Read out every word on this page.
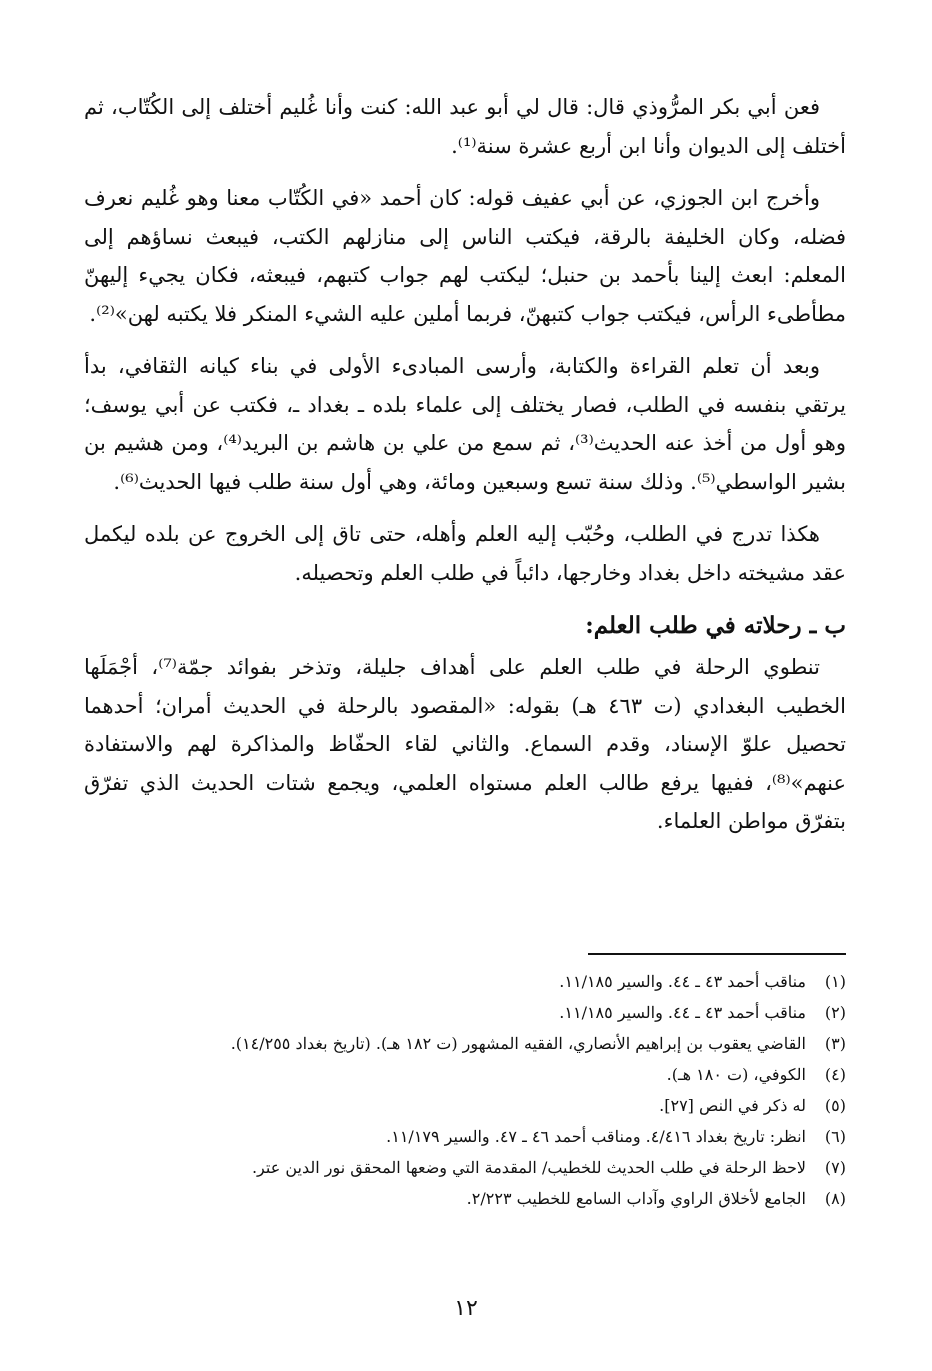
فعن أبي بكر المرُّوذي قال: قال لي أبو عبد الله: كنت وأنا غُليم أختلف إلى الكُتّاب، ثم أختلف إلى الديوان وأنا ابن أربع عشرة سنة⁽¹⁾.

وأخرج ابن الجوزي، عن أبي عفيف قوله: كان أحمد «في الكُتّاب معنا وهو غُليم نعرف فضله، وكان الخليفة بالرقة، فيكتب الناس إلى منازلهم الكتب، فيبعث نساؤهم إلى المعلم: ابعث إلينا بأحمد بن حنبل؛ ليكتب لهم جواب كتبهم، فيبعثه، فكان يجيء إليهنّ مطأطىء الرأس، فيكتب جواب كتبهنّ، فربما أملين عليه الشيء المنكر فلا يكتبه لهن»⁽²⁾.

وبعد أن تعلم القراءة والكتابة، وأرسى المبادىء الأولى في بناء كيانه الثقافي، بدأ يرتقي بنفسه في الطلب، فصار يختلف إلى علماء بلده ـ بغداد ـ، فكتب عن أبي يوسف؛ وهو أول من أخذ عنه الحديث⁽³⁾، ثم سمع من علي بن هاشم بن البريد⁽⁴⁾، ومن هشيم بن بشير الواسطي⁽⁵⁾. وذلك سنة تسع وسبعين ومائة، وهي أول سنة طلب فيها الحديث⁽⁶⁾.

هكذا تدرج في الطلب، وحُبّب إليه العلم وأهله، حتى تاق إلى الخروج عن بلده ليكمل عقد مشيخته داخل بغداد وخارجها، دائباً في طلب العلم وتحصيله.

ب ـ رحلاته في طلب العلم:

تنطوي الرحلة في طلب العلم على أهداف جليلة، وتذخر بفوائد جمّة⁽⁷⁾، أجْمَلَها الخطيب البغدادي (ت ٤٦٣ هـ) بقوله: «المقصود بالرحلة في الحديث أمران؛ أحدهما تحصيل علوّ الإسناد، وقدم السماع. والثاني لقاء الحفّاظ والمذاكرة لهم والاستفادة عنهم»⁽⁸⁾، ففيها يرفع طالب العلم مستواه العلمي، ويجمع شتات الحديث الذي تفرّق بتفرّق مواطن العلماء.

(١)
مناقب أحمد ٤٣ ـ ٤٤. والسير ١١/١٨٥.
(٢)
مناقب أحمد ٤٣ ـ ٤٤. والسير ١١/١٨٥.
(٣)
القاضي يعقوب بن إبراهيم الأنصاري، الفقيه المشهور (ت ١٨٢ هـ). (تاريخ بغداد ١٤/٢٥٥).
(٤)
الكوفي، (ت ١٨٠ هـ).
(٥)
له ذكر في النص [٢٧].
(٦)
انظر: تاريخ بغداد ٤/٤١٦. ومناقب أحمد ٤٦ ـ ٤٧. والسير ١١/١٧٩.
(٧)
لاحظ الرحلة في طلب الحديث للخطيب/ المقدمة التي وضعها المحقق نور الدين عتر.
(٨)
الجامع لأخلاق الراوي وآداب السامع للخطيب ٢/٢٢٣.
١٢
